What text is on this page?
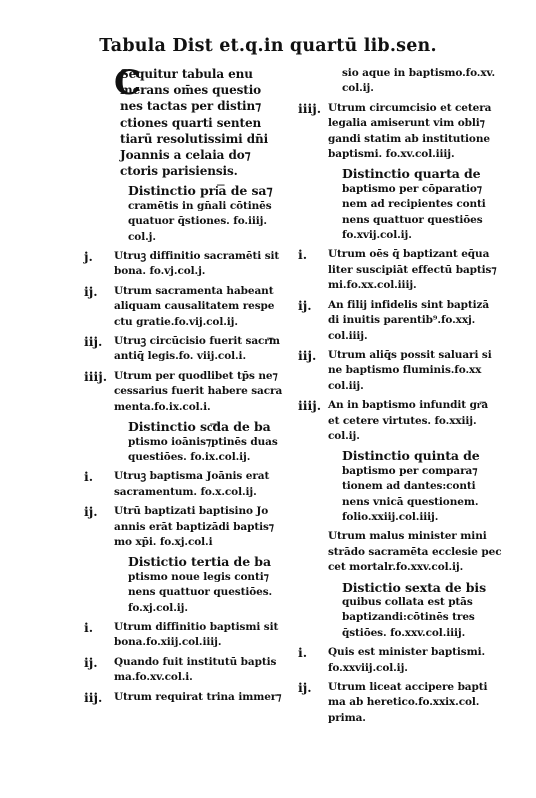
Tabula Dist et.q.in quartū lib.sen.
C
Sequitur tabula enu
merans om̄es questio
nes tactas per distin⁊
ctiones quarti senten
tiarū resolutissimi dn̄i
Joannis a celaia do⁊
ctoris parisiensis.
Distinctio pri͞a de sa⁊
cramētis in gn̄ali cōtinēs
quatuor q̄stiones. fo.iiij.
col.j.
j. Utruꝫ diffinitio sacramēti sit
bona. fo.vj.col.j.
ij. Utrum sacramenta habeant
aliquam causalitatem respe
ctu gratie.fo.vij.col.ij.
iij. Utruꝫ circūcisio fuerit sacr͞m
antiq̄ legis.fo. viij.col.i.
iiij. Utrum per quodlibet tp̄s ne⁊
cessarius fuerit habere sacra
menta.fo.ix.col.i.
Distinctio sc͞da de ba
ptismo ioānis⁊ptinēs duas
questiōes. fo.ix.col.ij.
i. Utruꝫ baptisma Joānis erat
sacramentum. fo.x.col.ij.
ij. Utrū baptizati baptisino Jo
annis erāt baptizādi baptis⁊
mo xp̄i. fo.xj.col.i
Distictio tertia de ba
ptismo noue legis conti⁊
nens quattuor questiōes.
fo.xj.col.ij.
i. Utrum diffinitio baptismi sit
bona.fo.xiij.col.iiij.
ij. Quando fuit institutū baptis
ma.fo.xv.col.i.
iij. Utrum requirat trina immer⁊
sio aque in baptismo.fo.xv.
col.ij.
iiij. Utrum circumcisio et cetera
legalia amiserunt vim obli⁊
gandi statim ab institutione
baptismi. fo.xv.col.iiij.
Distinctio quarta de
baptismo per cōparatio⁊
nem ad recipientes conti
nens quattuor questiōes
fo.xvij.col.ij.
i. Utrum oēs q̄ baptizant eq̄ua
liter suscipiāt effectū baptis⁊
mi.fo.xx.col.iiij.
ij. An filij infidelis sint baptizā
di inuitis parentib⁹.fo.xxj.
col.iiij.
iij. Utrum aliq̄s possit saluari si
ne baptismo fluminis.fo.xx
col.iij.
iiij. An in baptismo infundit gr͞a
et cetere virtutes. fo.xxiij.
col.ij.
Distinctio quinta de
baptismo per compara⁊
tionem ad dantes:conti
nens vnicā questionem.
folio.xxiij.col.iiij.
Utrum malus minister mini
strādo sacramēta ecclesie pec
cet mortalr.fo.xxv.col.ij.
Distictio sexta de bis
quibus collata est ptās
baptizandi:cōtinēs tres
q̄stiōes. fo.xxv.col.iiij.
i. Quis est minister baptismi.
fo.xxviij.col.ij.
ij. Utrum liceat accipere bapti
ma ab heretico.fo.xxix.col.
prima.
